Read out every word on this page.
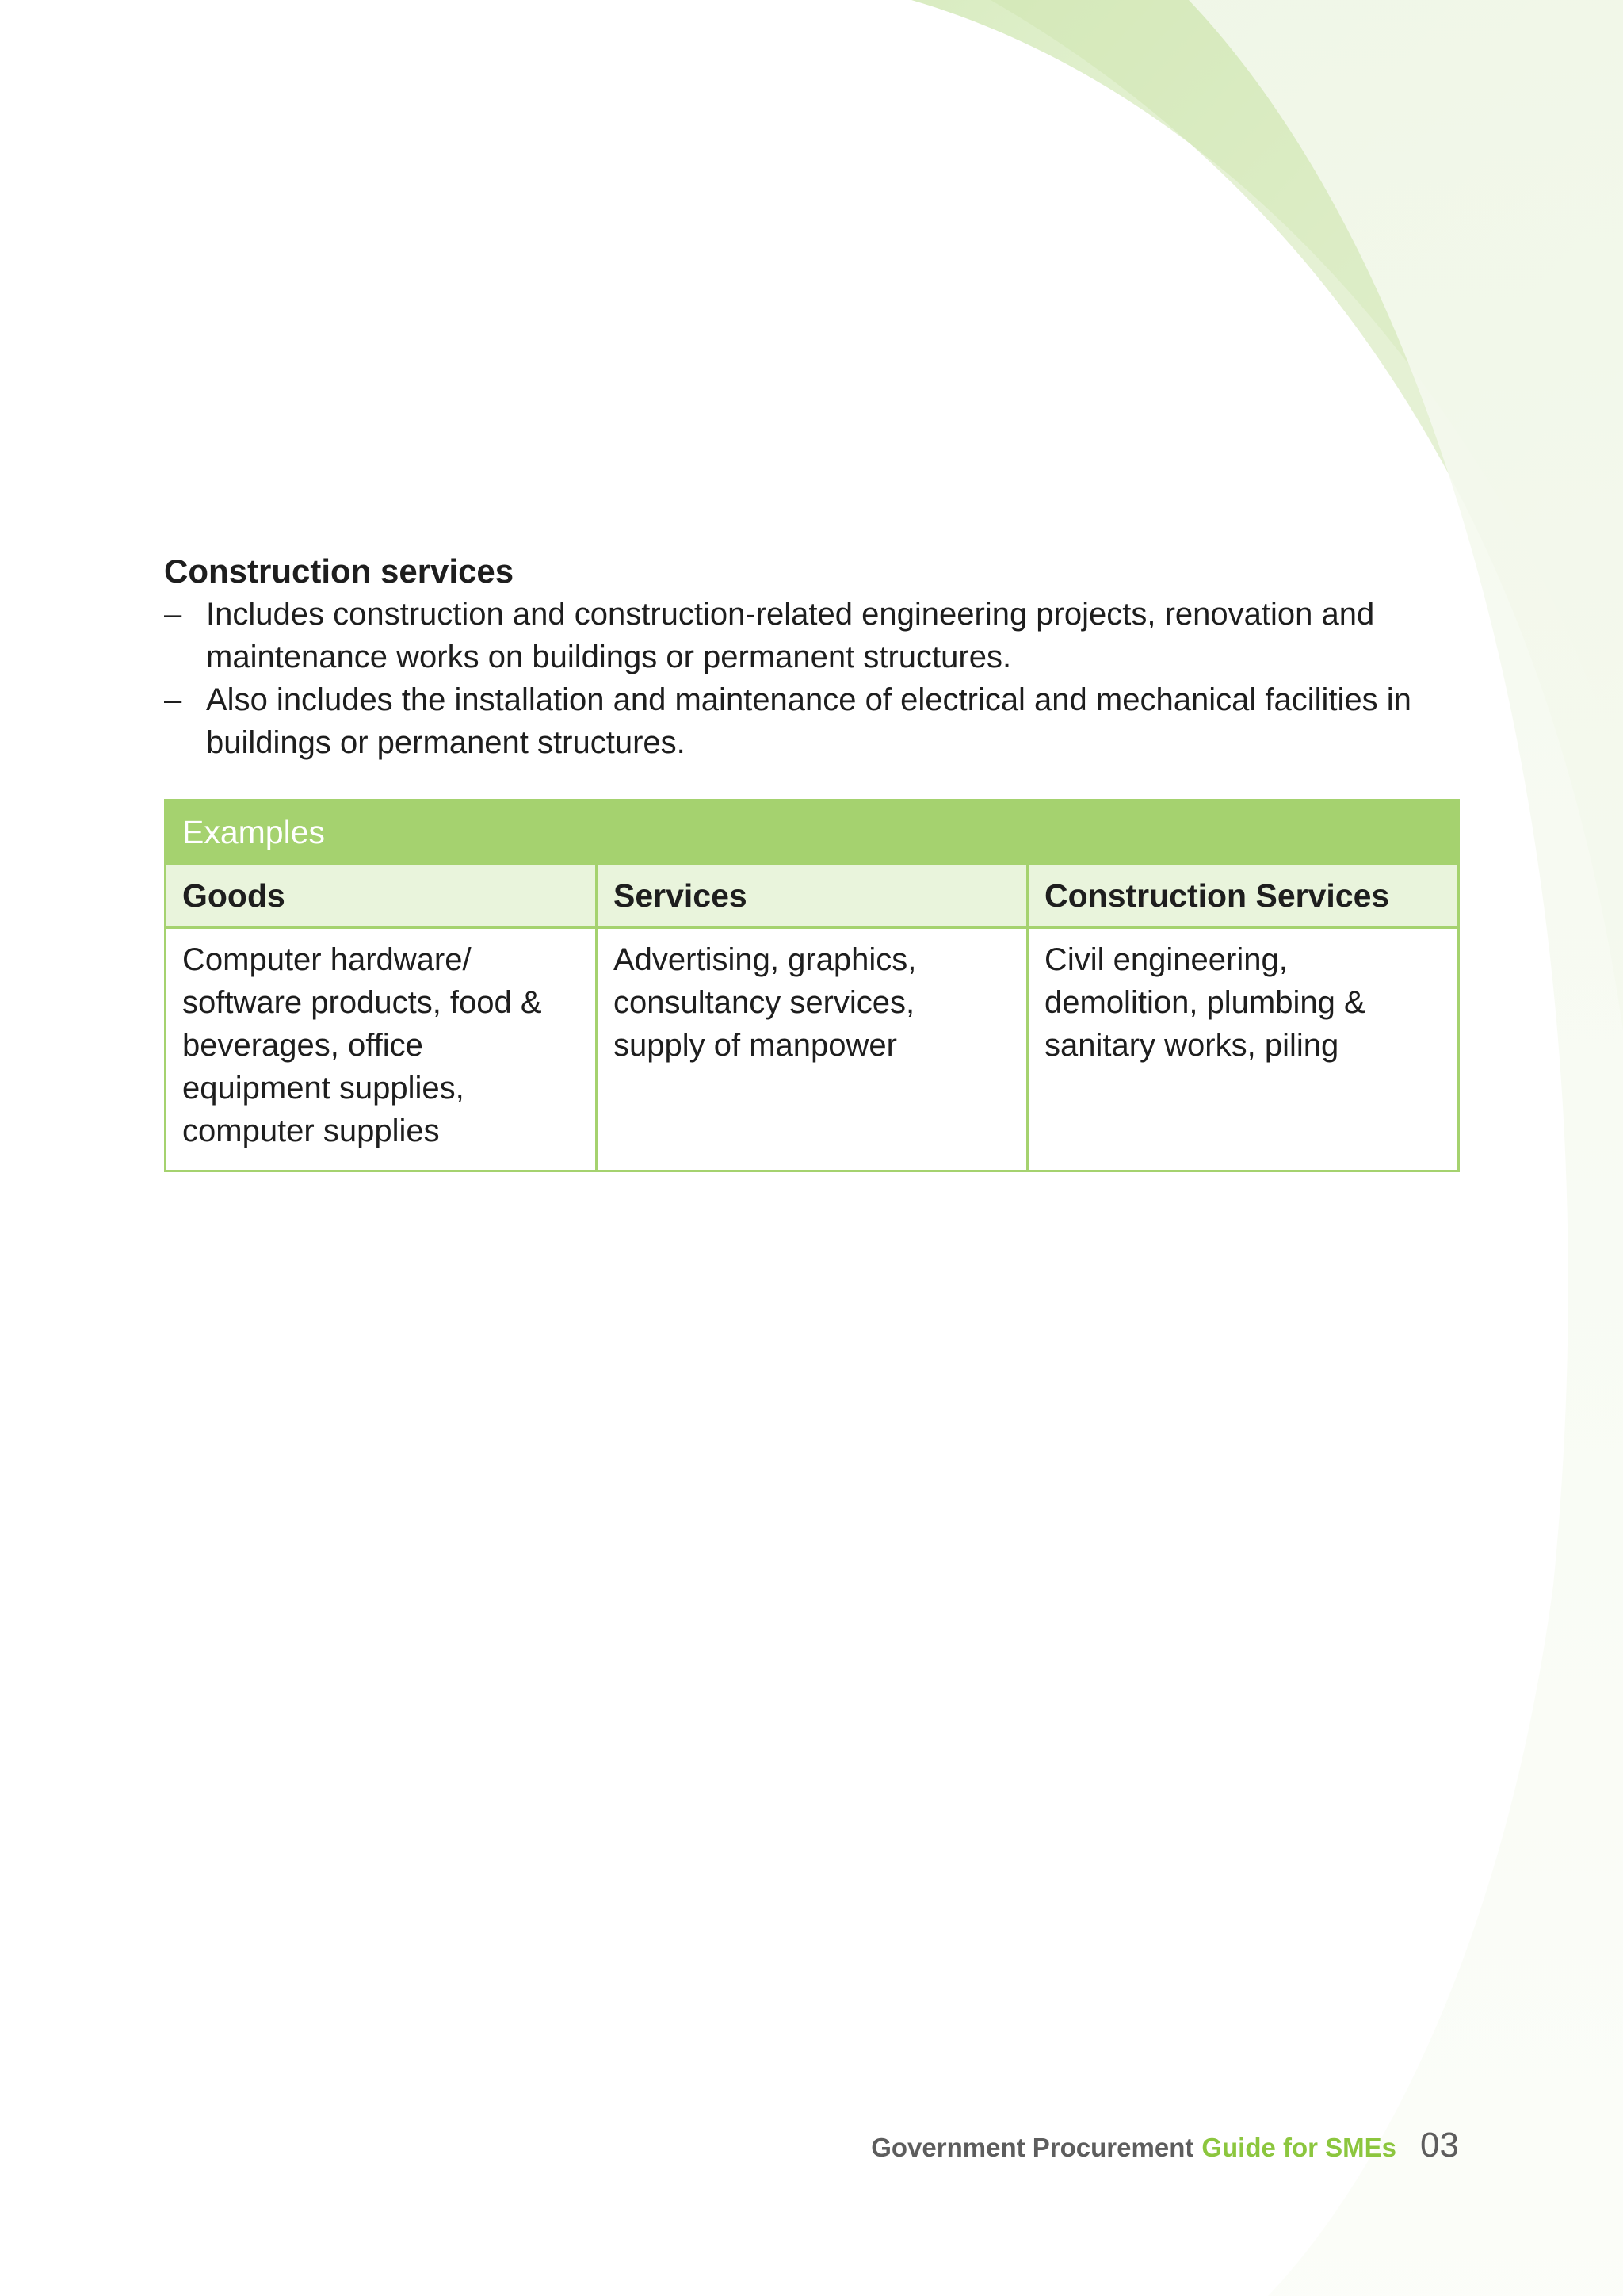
Construction services
– Includes construction and construction-related engineering projects, renovation and maintenance works on buildings or permanent structures.
– Also includes the installation and maintenance of electrical and mechanical facilities in buildings or permanent structures.
Examples		
Goods	Services	Construction Services
Computer hardware/ software products, food & beverages, office equipment supplies, computer supplies	Advertising, graphics, consultancy services, supply of manpower	Civil engineering, demolition, plumbing & sanitary works, piling
Government Procurement Guide for SMEs 03
